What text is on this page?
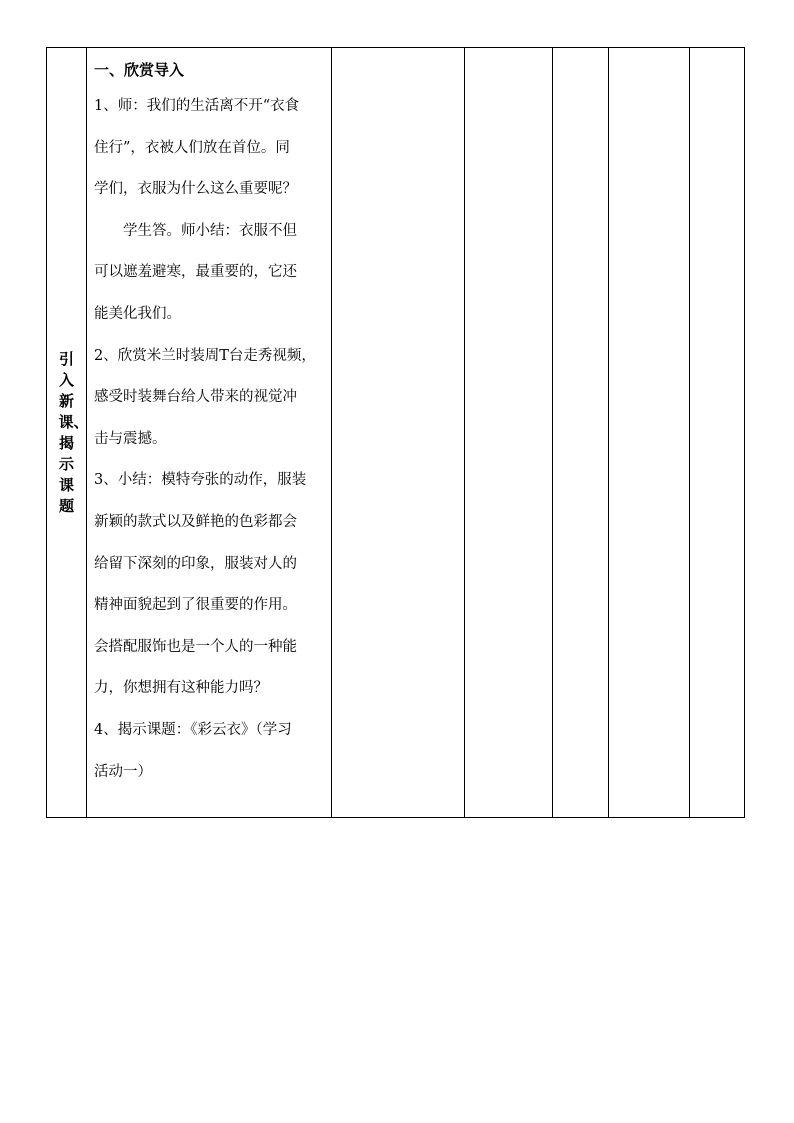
引入新课、揭示课题

一、欣赏导入

1、师：我们的生活离不开“衣食

住行”，衣被人们放在首位。同

学们，衣服为什么这么重要呢？

学生答。师小结：衣服不但

可以遮羞避寒，最重要的，它还

能美化我们。

2、欣赏米兰时装周T台走秀视频，

感受时装舞台给人带来的视觉冲

击与震撼。

3、小结：模特夸张的动作，服装

新颖的款式以及鲜艳的色彩都会

给留下深刻的印象，服装对人的

精神面貌起到了很重要的作用。

会搭配服饰也是一个人的一种能

力，你想拥有这种能力吗？

4、揭示课题：《彩云衣》（学习

活动一）
